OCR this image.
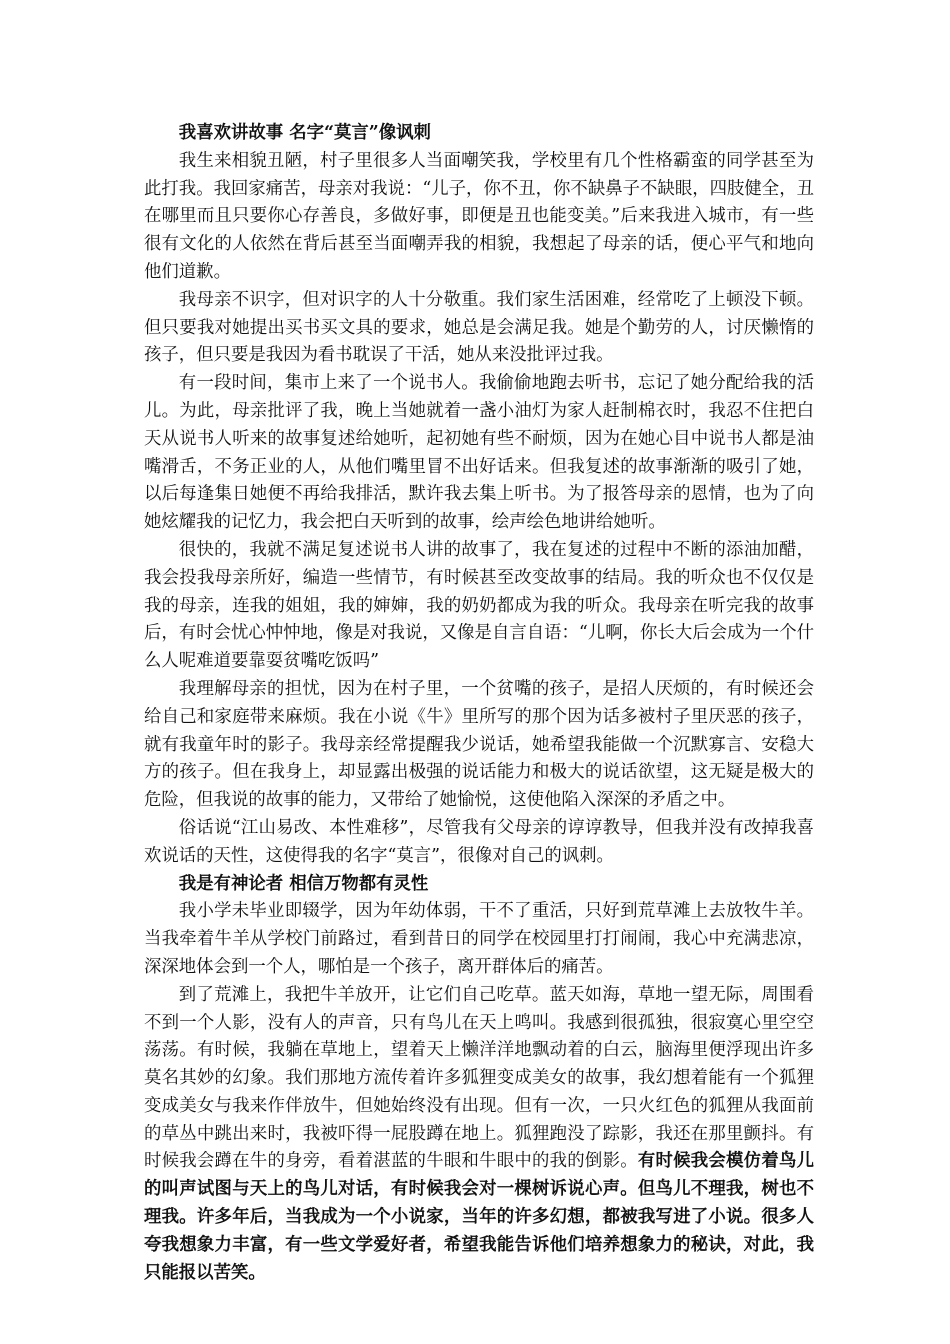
我喜欢讲故事 名字“莫言”像讽刺

我生来相貌丑陋，村子里很多人当面嘲笑我，学校里有几个性格霸蛮的同学甚至为此打我。我回家痛苦，母亲对我说：“儿子，你不丑，你不缺鼻子不缺眼，四肢健全，丑在哪里而且只要你心存善良，多做好事，即便是丑也能变美。”后来我进入城市，有一些很有文化的人依然在背后甚至当面嘲弄我的相貌，我想起了母亲的话，便心平气和地向他们道歉。

我母亲不识字，但对识字的人十分敬重。我们家生活困难，经常吃了上顿没下顿。但只要我对她提出买书买文具的要求，她总是会满足我。她是个勤劳的人，讨厌懒惰的孩子，但只要是我因为看书耽误了干活，她从来没批评过我。

有一段时间，集市上来了一个说书人。我偷偷地跑去听书，忘记了她分配给我的活儿。为此，母亲批评了我，晚上当她就着一盏小油灯为家人赶制棉衣时，我忍不住把白天从说书人听来的故事复述给她听，起初她有些不耐烦，因为在她心目中说书人都是油嘴滑舌，不务正业的人，从他们嘴里冒不出好话来。但我复述的故事渐渐的吸引了她，以后每逢集日她便不再给我排活，默许我去集上听书。为了报答母亲的恩情，也为了向她炫耀我的记忆力，我会把白天听到的故事，绘声绘色地讲给她听。

很快的，我就不满足复述说书人讲的故事了，我在复述的过程中不断的添油加醋，我会投我母亲所好，编造一些情节，有时候甚至改变故事的结局。我的听众也不仅仅是我的母亲，连我的姐姐，我的婶婶，我的奶奶都成为我的听众。我母亲在听完我的故事后，有时会忧心忡忡地，像是对我说，又像是自言自语：“儿啊，你长大后会成为一个什么人呢难道要靠耍贫嘴吃饭吗”

我理解母亲的担忧，因为在村子里，一个贫嘴的孩子，是招人厌烦的，有时候还会给自己和家庭带来麻烦。我在小说《牛》里所写的那个因为话多被村子里厌恶的孩子，就有我童年时的影子。我母亲经常提醒我少说话，她希望我能做一个沉默寡言、安稳大方的孩子。但在我身上，却显露出极强的说话能力和极大的说话欲望，这无疑是极大的危险，但我说的故事的能力，又带给了她愉悦，这使他陷入深深的矛盾之中。

俗话说“江山易改、本性难移”，尽管我有父母亲的谆谆教导，但我并没有改掉我喜欢说话的天性，这使得我的名字“莫言”，很像对自己的讽刺。

我是有神论者 相信万物都有灵性

我小学未毕业即辍学，因为年幼体弱，干不了重活，只好到荒草滩上去放牧牛羊。当我牵着牛羊从学校门前路过，看到昔日的同学在校园里打打闹闹，我心中充满悲凉，深深地体会到一个人，哪怕是一个孩子，离开群体后的痛苦。

到了荒滩上，我把牛羊放开，让它们自己吃草。蓝天如海，草地一望无际，周围看不到一个人影，没有人的声音，只有鸟儿在天上鸣叫。我感到很孤独，很寂寞心里空空荡荡。有时候，我躺在草地上，望着天上懒洋洋地飘动着的白云，脑海里便浮现出许多莫名其妙的幻象。我们那地方流传着许多狐狸变成美女的故事，我幻想着能有一个狐狸变成美女与我来作伴放牛，但她始终没有出现。但有一次，一只火红色的狐狸从我面前的草丛中跳出来时，我被吓得一屁股蹲在地上。狐狸跑没了踪影，我还在那里颤抖。有时候我会蹲在牛的身旁，看着湛蓝的牛眼和牛眼中的我的倒影。有时候我会模仿着鸟儿的叫声试图与天上的鸟儿对话，有时候我会对一棵树诉说心声。但鸟儿不理我，树也不理我。许多年后，当我成为一个小说家，当年的许多幻想，都被我写进了小说。很多人夸我想象力丰富，有一些文学爱好者，希望我能告诉他们培养想象力的秘诀，对此，我只能报以苦笑。
